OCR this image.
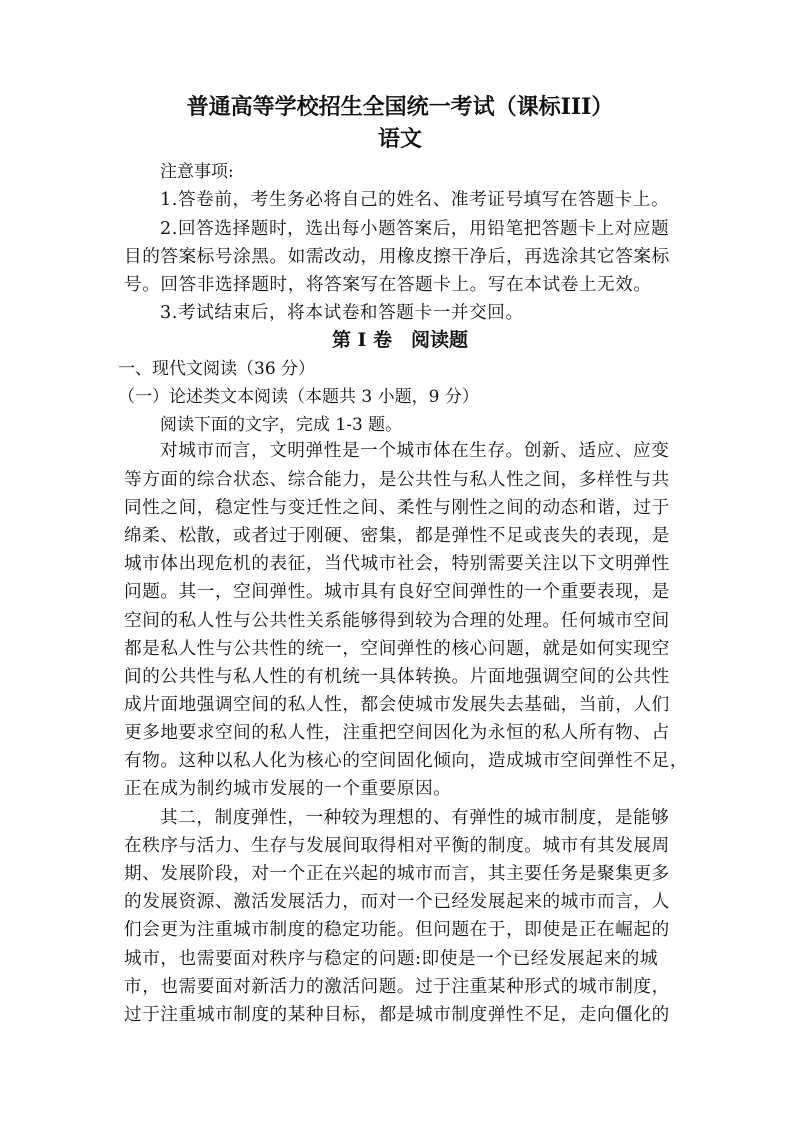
普通高等学校招生全国统一考试（课标III）
语文
注意事项:
1.答卷前，考生务必将自己的姓名、准考证号填写在答题卡上。
2.回答选择题时，选出每小题答案后，用铅笔把答题卡上对应题
目的答案标号涂黑。如需改动，用橡皮擦干净后，再选涂其它答案标
号。回答非选择题时，将答案写在答题卡上。写在本试卷上无效。
3.考试结束后，将本试卷和答题卡一并交回。
第 I 卷　阅读题
一、现代文阅读（36 分）
（一）论述类文本阅读（本题共 3 小题，9 分）
阅读下面的文字，完成 1-3 题。
对城市而言，文明弹性是一个城市体在生存。创新、适应、应变
等方面的综合状态、综合能力，是公共性与私人性之间，多样性与共
同性之间，稳定性与变迁性之间、柔性与刚性之间的动态和谐，过于
绵柔、松散，或者过于刚硬、密集，都是弹性不足或丧失的表现，是
城市体出现危机的表征，当代城市社会，特别需要关注以下文明弹性
问题。其一，空间弹性。城市具有良好空间弹性的一个重要表现，是
空间的私人性与公共性关系能够得到较为合理的处理。任何城市空间
都是私人性与公共性的统一，空间弹性的核心问题，就是如何实现空
间的公共性与私人性的有机统一具体转换。片面地强调空间的公共性
成片面地强调空间的私人性，都会使城市发展失去基础，当前，人们
更多地要求空间的私人性，注重把空间因化为永恒的私人所有物、占
有物。这种以私人化为核心的空间固化倾向，造成城市空间弹性不足，
正在成为制约城市发展的一个重要原因。
其二，制度弹性，一种较为理想的、有弹性的城市制度，是能够
在秩序与活力、生存与发展间取得相对平衡的制度。城市有其发展周
期、发展阶段，对一个正在兴起的城市而言，其主要任务是聚集更多
的发展资源、激活发展活力，而对一个已经发展起来的城市而言，人
们会更为注重城市制度的稳定功能。但问题在于，即使是正在崛起的
城市，也需要面对秩序与稳定的问题:即使是一个已经发展起来的城
市，也需要面对新活力的激活问题。过于注重某种形式的城市制度，
过于注重城市制度的某种目标，都是城市制度弹性不足，走向僵化的
